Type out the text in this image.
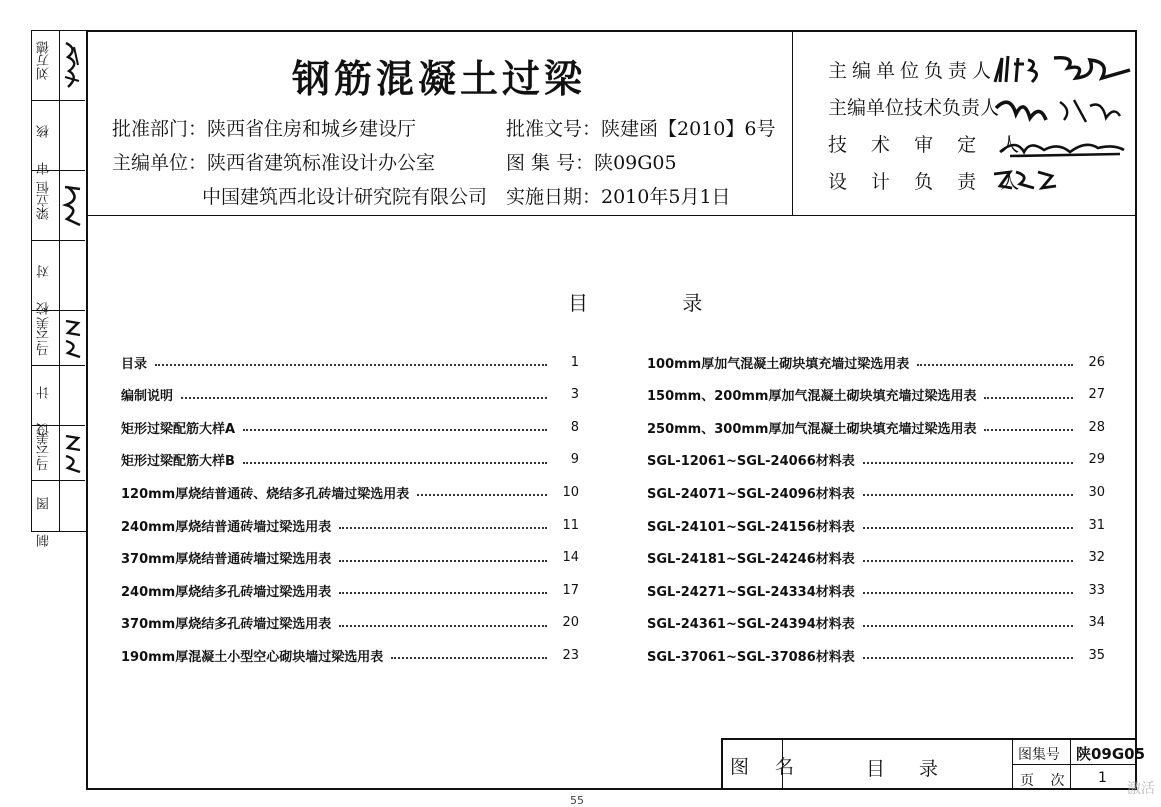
刘万德
审 核
梁立恒
校 对
马云美
设 计
马云美
制 图
钢筋混凝土过梁
批准部门：陕西省住房和城乡建设厅
主编单位：陕西省建筑标准设计办公室
中国建筑西北设计研究院有限公司
批准文号：陕建函【2010】6号
图 集 号：陕09G05
实施日期：2010年5月1日
主编单位负责人
主编单位技术负责人
技 术 审 定 人
设 计 负 责 人
目 录
目录	1
编制说明	3
矩形过梁配筋大样A	8
矩形过梁配筋大样B	9
120mm厚烧结普通砖、烧结多孔砖墙过梁选用表	10
240mm厚烧结普通砖墙过梁选用表	11
370mm厚烧结普通砖墙过梁选用表	14
240mm厚烧结多孔砖墙过梁选用表	17
370mm厚烧结多孔砖墙过梁选用表	20
190mm厚混凝土小型空心砌块墙过梁选用表	23
100mm厚加气混凝土砌块填充墙过梁选用表	26
150mm、200mm厚加气混凝土砌块填充墙过梁选用表	27
250mm、300mm厚加气混凝土砌块填充墙过梁选用表	28
SGL-12061~SGL-24066材料表	29
SGL-24071~SGL-24096材料表	30
SGL-24101~SGL-24156材料表	31
SGL-24181~SGL-24246材料表	32
SGL-24271~SGL-24334材料表	33
SGL-24361~SGL-24394材料表	34
SGL-37061~SGL-37086材料表	35
图 名	目 录
图集号 陕09G05
页 次 1
55
激活
